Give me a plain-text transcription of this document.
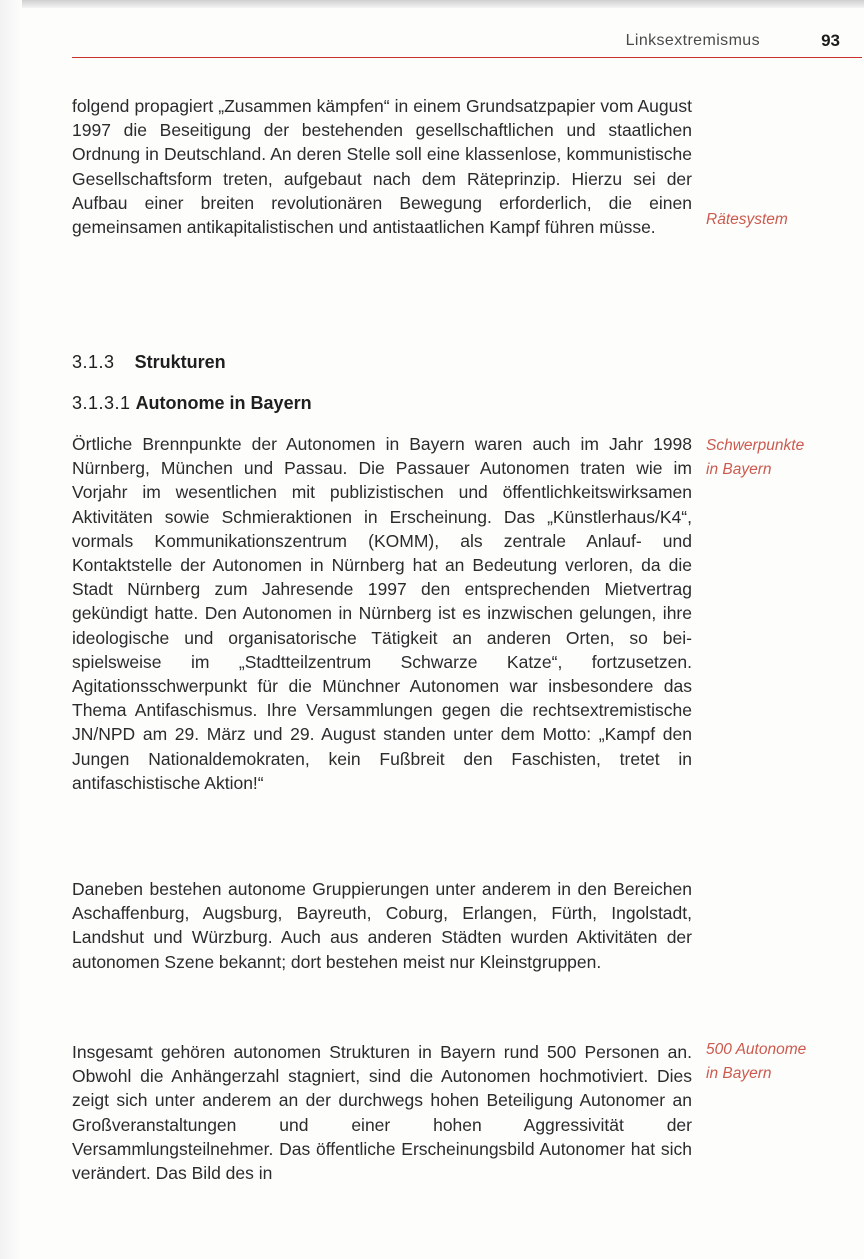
Linksextremismus	93

folgend propagiert „Zusammen kämpfen“ in einem Grundsatzpapier vom August 1997 die Beseitigung der bestehenden gesellschaftlichen und staatlichen Ordnung in Deutschland. An deren Stelle soll eine klassenlose, kommunistische Gesellschaftsform treten, aufgebaut nach dem Räteprinzip. Hierzu sei der Aufbau einer breiten revolutionären Bewegung erforderlich, die einen gemeinsamen antikapitalistischen und antistaatlichen Kampf führen müsse.	Rätesystem
3.1.3 Strukturen
3.1.3.1 Autonome in Bayern

Örtliche Brennpunkte der Autonomen in Bayern waren auch im Jahr 1998 Nürnberg, München und Passau. Die Passauer Autonomen traten wie im Vorjahr im wesentlichen mit publizistischen und öffentlichkeitswirksamen Aktivitäten sowie Schmieraktionen in Erscheinung. Das „Künstlerhaus/K4“, vormals Kommunikationszentrum (KOMM), als zentrale Anlauf- und Kontaktstelle der Autonomen in Nürnberg hat an Bedeutung verloren, da die Stadt Nürnberg zum Jahresende 1997 den entsprechenden Mietvertrag gekündigt hatte. Den Autonomen in Nürnberg ist es inzwischen gelungen, ihre ideologische und organisatorische Tätigkeit an anderen Orten, so beispielsweise im „Stadtteilzentrum Schwarze Katze“, fortzusetzen. Agitationsschwerpunkt für die Münchner Autonomen war insbesondere das Thema Antifaschismus. Ihre Versammlungen gegen die rechtsextremistische JN/NPD am 29. März und 29. August standen unter dem Motto: „Kampf den Jungen Nationaldemokraten, kein Fußbreit den Faschisten, tretet in antifaschistische Aktion!“

Schwerpunkte
in Bayern

Daneben bestehen autonome Gruppierungen unter anderem in den Bereichen Aschaffenburg, Augsburg, Bayreuth, Coburg, Erlangen, Fürth, Ingolstadt, Landshut und Würzburg. Auch aus anderen Städten wurden Aktivitäten der autonomen Szene bekannt; dort bestehen meist nur Kleinstgruppen.

Insgesamt gehören autonomen Strukturen in Bayern rund 500 Personen an. Obwohl die Anhängerzahl stagniert, sind die Autonomen hochmotiviert. Dies zeigt sich unter anderem an der durchwegs hohen Beteiligung Autonomer an Großveranstaltungen und einer hohen Aggressivität der Versammlungsteilnehmer. Das öffentliche Erscheinungsbild Autonomer hat sich verändert. Das Bild des in

500 Autonome
in Bayern
